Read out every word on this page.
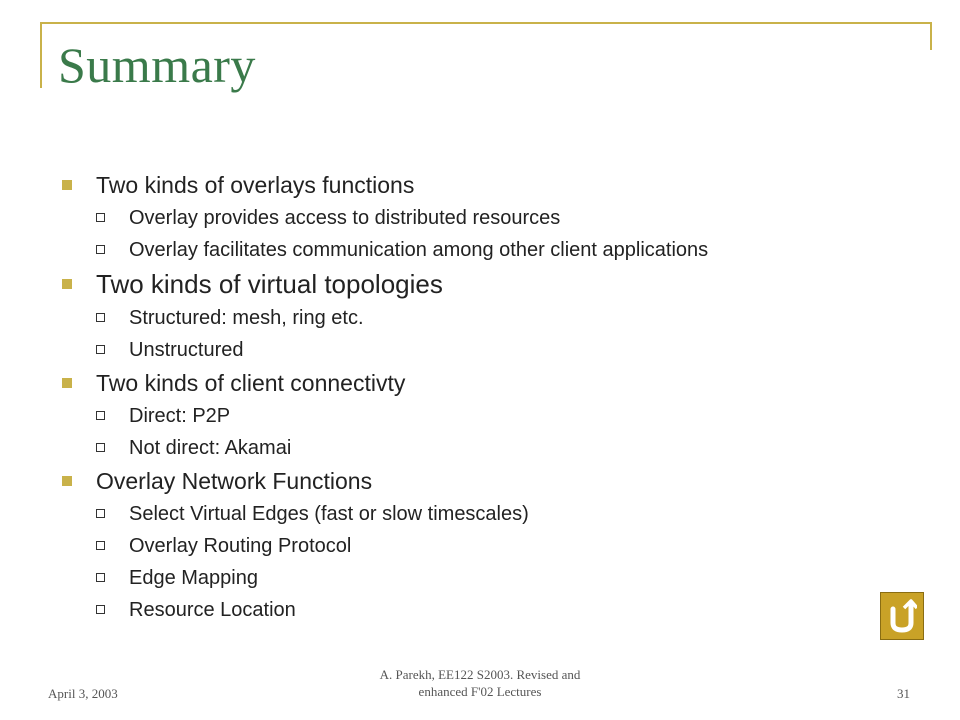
Summary
Two kinds of overlays functions
Overlay provides access to distributed resources
Overlay facilitates communication among other client applications
Two kinds of virtual topologies
Structured: mesh, ring etc.
Unstructured
Two kinds of client connectivty
Direct: P2P
Not direct: Akamai
Overlay Network Functions
Select Virtual Edges (fast or slow timescales)
Overlay Routing Protocol
Edge Mapping
Resource Location
April 3, 2003
A. Parekh, EE122 S2003. Revised and
enhanced F'02 Lectures	31
